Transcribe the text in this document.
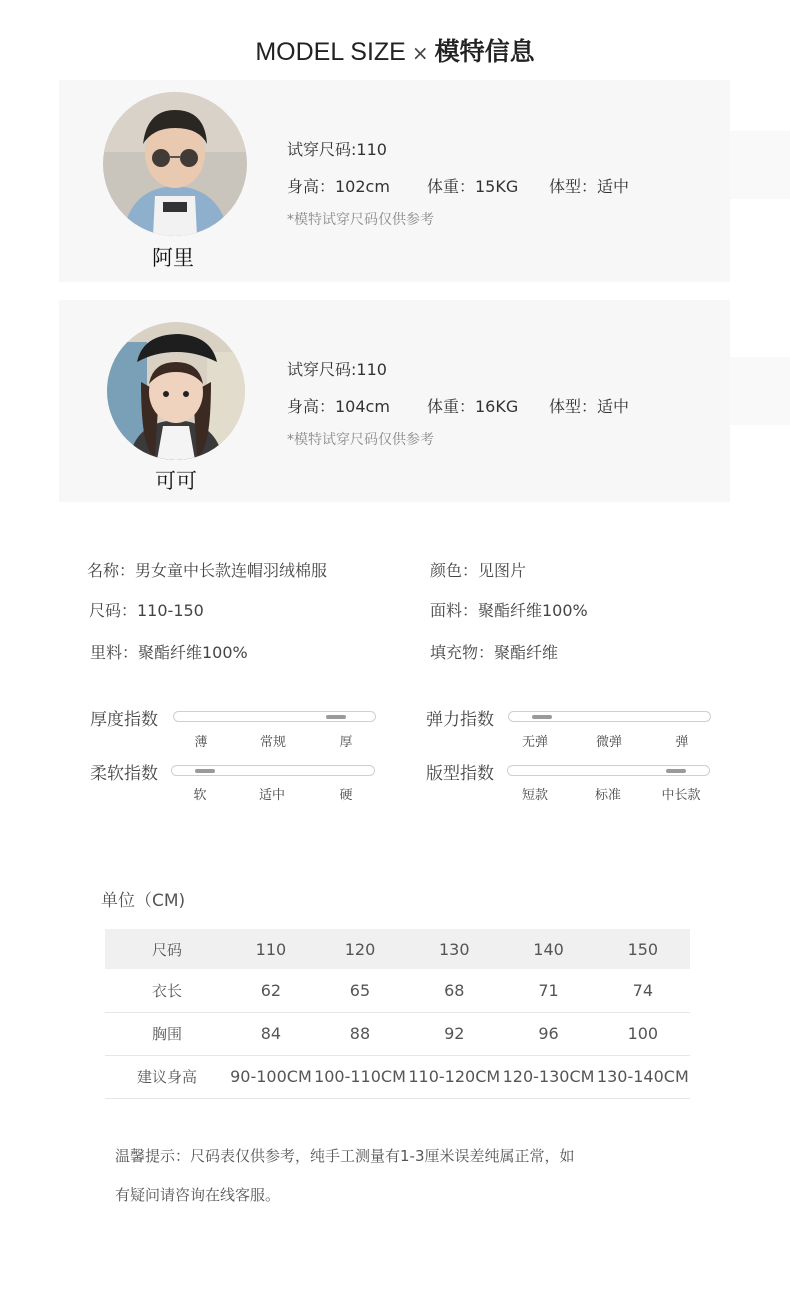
MODEL SIZE × 模特信息
阿里
试穿尺码:110
身高：102cm 体重：15KG 体型：适中
*模特试穿尺码仅供参考
可可
试穿尺码:110
身高：104cm 体重：16KG 体型：适中
*模特试穿尺码仅供参考
名称：男女童中长款连帽羽绒棉服	颜色：见图片
尺码：110-150	面料：聚酯纤维100%
里料：聚酯纤维100%	填充物：聚酯纤维
厚度指数
薄	常规	厚
弹力指数
无弹	微弹	弹
柔软指数
软	适中	硬
版型指数
短款	标准	中长款
单位（CM)
尺码	110	120	130	140	150
衣长	62	65	68	71	74
胸围	84	88	92	96	100
建议身高	90-100CM	100-110CM	110-120CM	120-130CM	130-140CM
温馨提示：尺码表仅供参考，纯手工测量有1-3厘米误差纯属正常，如
有疑问请咨询在线客服。
